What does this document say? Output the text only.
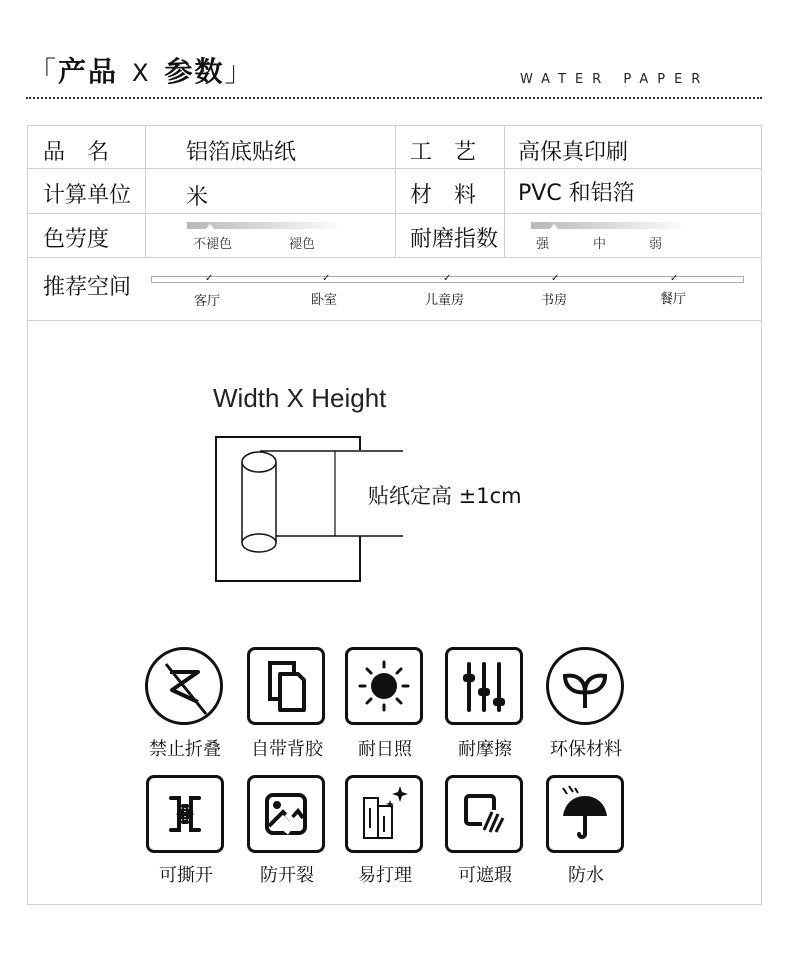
「产品 X 参数」	WATER PAPER
品　名	铝箔底贴纸	工　艺 高保真印刷
计算单位 米	材　料 PVC 和铝箔
色劳度	不褪色	褪色	耐磨指数	强	中	弱
推荐空间	✓	✓	✓	✓	✓
客厅	卧室	儿童房	书房	餐厅
Width X Height
贴纸定高 ±1cm
禁止折叠	自带背胶	耐日照	耐摩擦	环保材料
可撕开	防开裂	易打理	可遮瑕	防水
